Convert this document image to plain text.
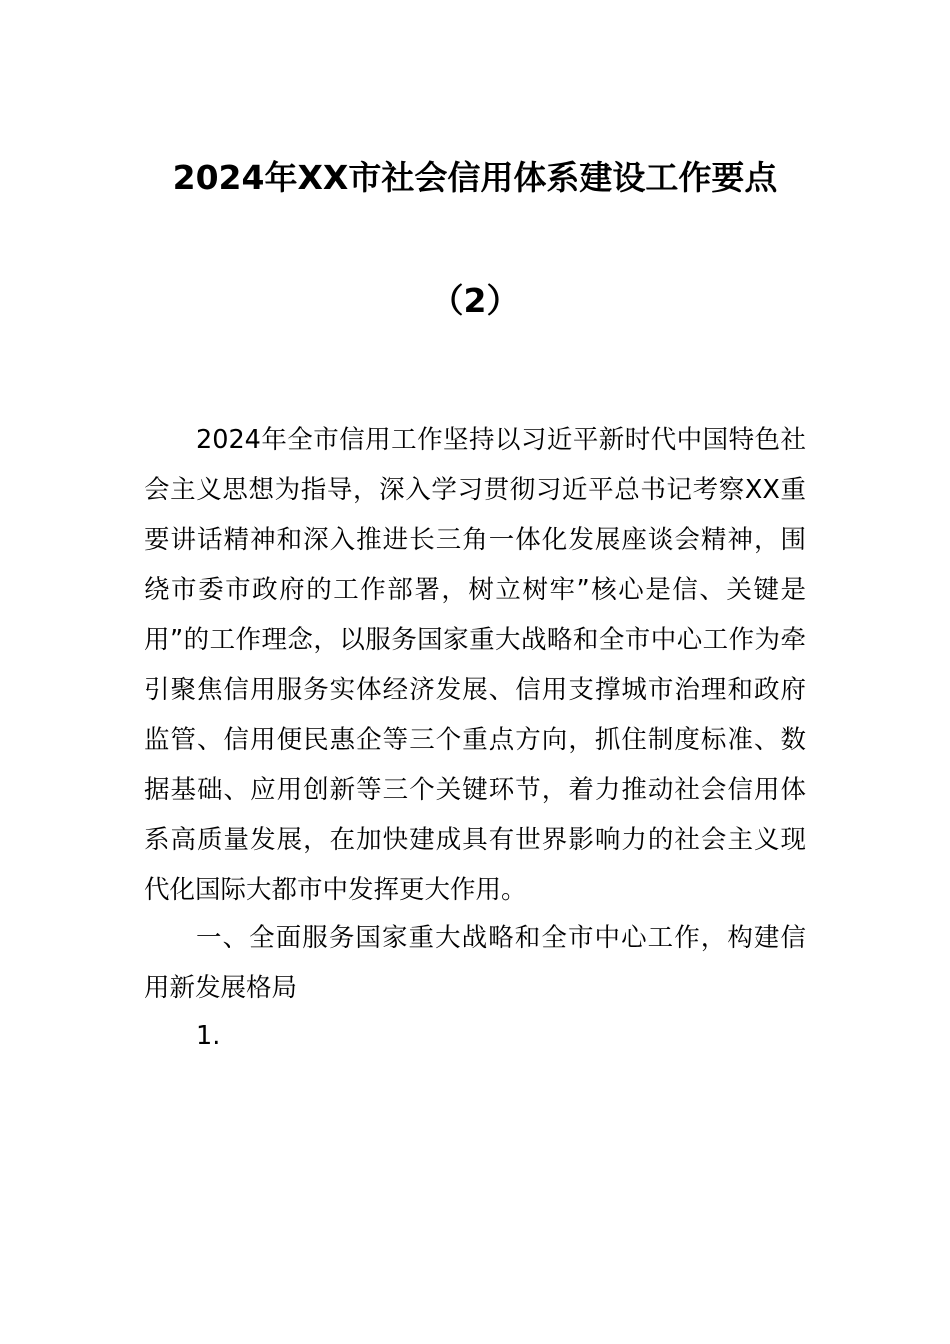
2024年XX市社会信用体系建设工作要点
（2）
2024年全市信用工作坚持以习近平新时代中国特色社会主义思想为指导，深入学习贯彻习近平总书记考察XX重要讲话精神和深入推进长三角一体化发展座谈会精神，围绕市委市政府的工作部署，树立树牢”核心是信、关键是用”的工作理念，以服务国家重大战略和全市中心工作为牵引聚焦信用服务实体经济发展、信用支撑城市治理和政府监管、信用便民惠企等三个重点方向，抓住制度标准、数据基础、应用创新等三个关键环节，着力推动社会信用体系高质量发展，在加快建成具有世界影响力的社会主义现代化国际大都市中发挥更大作用。
一、全面服务国家重大战略和全市中心工作，构建信用新发展格局
1.
